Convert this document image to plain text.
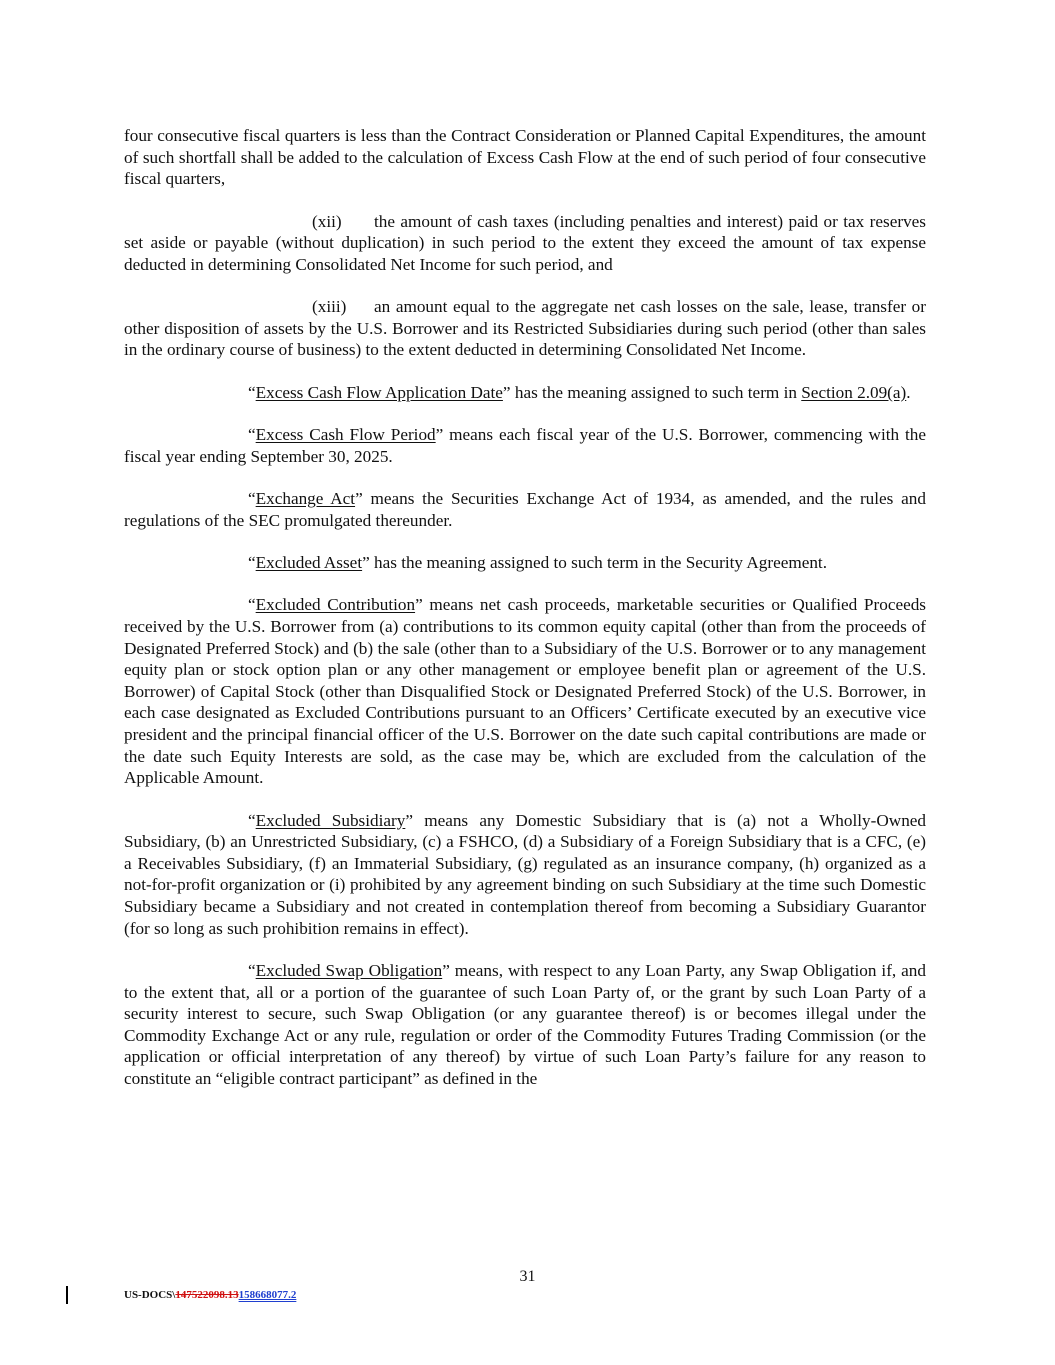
four consecutive fiscal quarters is less than the Contract Consideration or Planned Capital Expenditures, the amount of such shortfall shall be added to the calculation of Excess Cash Flow at the end of such period of four consecutive fiscal quarters,

(xii) the amount of cash taxes (including penalties and interest) paid or tax reserves set aside or payable (without duplication) in such period to the extent they exceed the amount of tax expense deducted in determining Consolidated Net Income for such period, and

(xiii) an amount equal to the aggregate net cash losses on the sale, lease, transfer or other disposition of assets by the U.S. Borrower and its Restricted Subsidiaries during such period (other than sales in the ordinary course of business) to the extent deducted in determining Consolidated Net Income.

“Excess Cash Flow Application Date” has the meaning assigned to such term in Section 2.09(a).

“Excess Cash Flow Period” means each fiscal year of the U.S. Borrower, commencing with the fiscal year ending September 30, 2025.

“Exchange Act” means the Securities Exchange Act of 1934, as amended, and the rules and regulations of the SEC promulgated thereunder.

“Excluded Asset” has the meaning assigned to such term in the Security Agreement.

“Excluded Contribution” means net cash proceeds, marketable securities or Qualified Proceeds received by the U.S. Borrower from (a) contributions to its common equity capital (other than from the proceeds of Designated Preferred Stock) and (b) the sale (other than to a Subsidiary of the U.S. Borrower or to any management equity plan or stock option plan or any other management or employee benefit plan or agreement of the U.S. Borrower) of Capital Stock (other than Disqualified Stock or Designated Preferred Stock) of the U.S. Borrower, in each case designated as Excluded Contributions pursuant to an Officers’ Certificate executed by an executive vice president and the principal financial officer of the U.S. Borrower on the date such capital contributions are made or the date such Equity Interests are sold, as the case may be, which are excluded from the calculation of the Applicable Amount.

“Excluded Subsidiary” means any Domestic Subsidiary that is (a) not a Wholly-Owned Subsidiary, (b) an Unrestricted Subsidiary, (c) a FSHCO, (d) a Subsidiary of a Foreign Subsidiary that is a CFC, (e) a Receivables Subsidiary, (f) an Immaterial Subsidiary, (g) regulated as an insurance company, (h) organized as a not-for-profit organization or (i) prohibited by any agreement binding on such Subsidiary at the time such Domestic Subsidiary became a Subsidiary and not created in contemplation thereof from becoming a Subsidiary Guarantor (for so long as such prohibition remains in effect).

“Excluded Swap Obligation” means, with respect to any Loan Party, any Swap Obligation if, and to the extent that, all or a portion of the guarantee of such Loan Party of, or the grant by such Loan Party of a security interest to secure, such Swap Obligation (or any guarantee thereof) is or becomes illegal under the Commodity Exchange Act or any rule, regulation or order of the Commodity Futures Trading Commission (or the application or official interpretation of any thereof) by virtue of such Loan Party’s failure for any reason to constitute an “eligible contract participant” as defined in the

31
US-DOCS\147522098.13158668077.2
